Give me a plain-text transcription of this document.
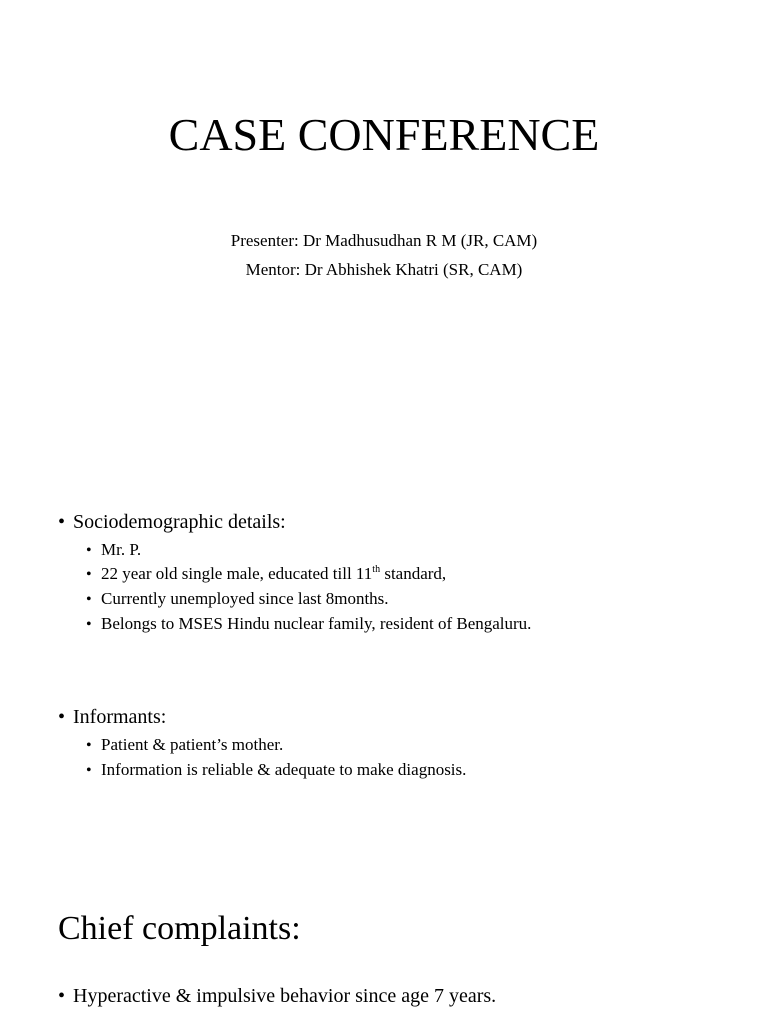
CASE CONFERENCE
Presenter: Dr Madhusudhan R M (JR, CAM)
Mentor: Dr Abhishek Khatri (SR, CAM)
• Sociodemographic details:
• Mr. P.
• 22 year old single male, educated till 11th standard,
• Currently unemployed since last 8months.
• Belongs to MSES Hindu nuclear family, resident of Bengaluru.
• Informants:
• Patient & patient’s mother.
• Information is reliable & adequate to make diagnosis.
Chief complaints:
• Hyperactive & impulsive behavior since age 7 years.
